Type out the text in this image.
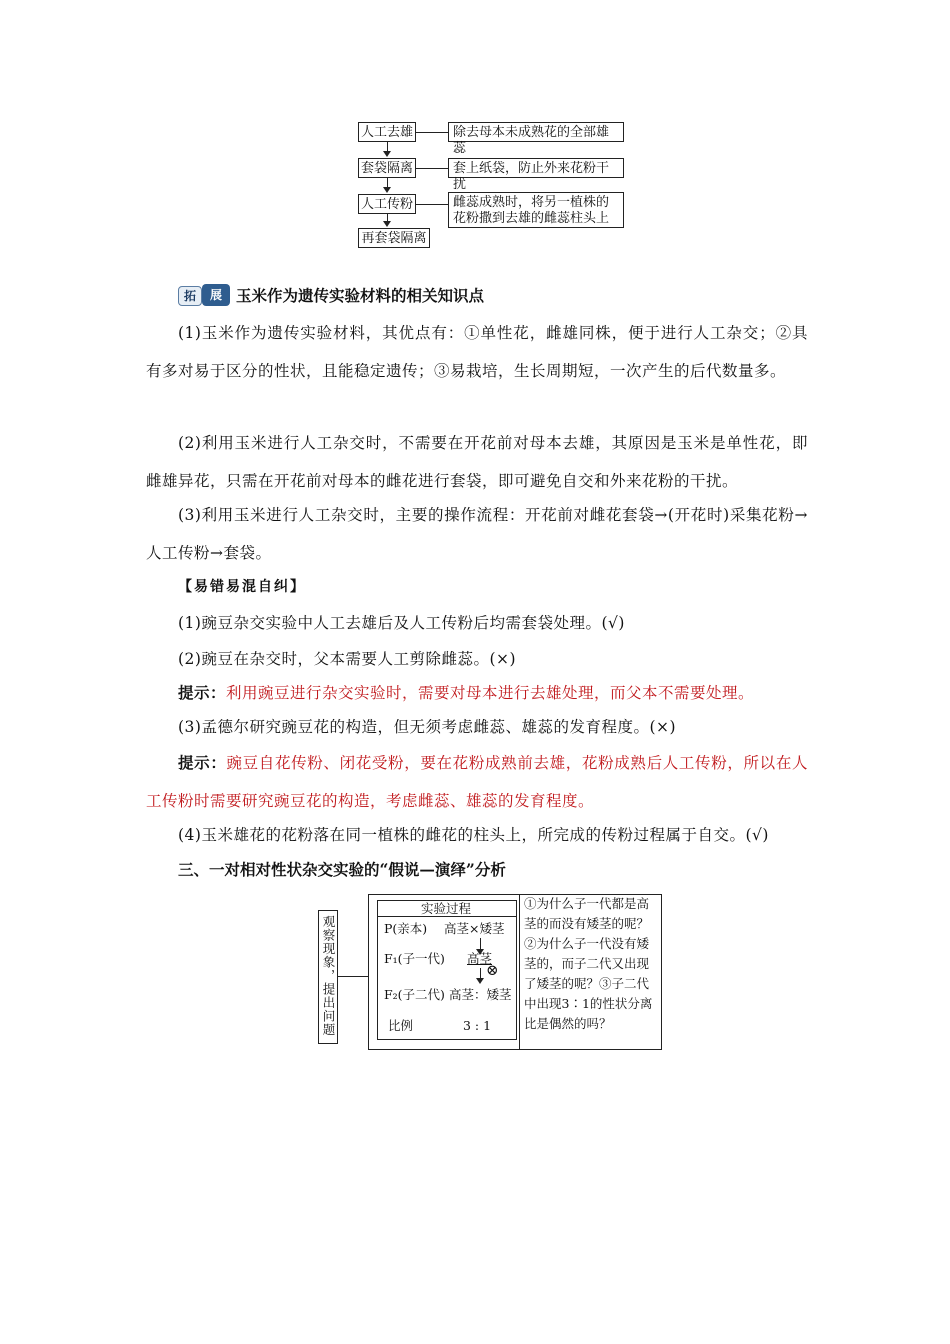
人工去雄
套袋隔离
人工传粉
再套袋隔离
除去母本未成熟花的全部雄蕊
套上纸袋，防止外来花粉干扰
雌蕊成熟时，将另一植株的花粉撒到去雄的雌蕊柱头上
拓	展 玉米作为遗传实验材料的相关知识点
(1)玉米作为遗传实验材料，其优点有：①单性花，雌雄同株，便于进行人工杂交；②具有多对易于区分的性状，且能稳定遗传；③易栽培，生长周期短，一次产生的后代数量多。
(2)利用玉米进行人工杂交时，不需要在开花前对母本去雄，其原因是玉米是单性花，即雌雄异花，只需在开花前对母本的雌花进行套袋，即可避免自交和外来花粉的干扰。
(3)利用玉米进行人工杂交时，主要的操作流程：开花前对雌花套袋→(开花时)采集花粉→人工传粉→套袋。
【易错易混自纠】
(1)豌豆杂交实验中人工去雄后及人工传粉后均需套袋处理。(√)
(2)豌豆在杂交时，父本需要人工剪除雌蕊。(×)
提示：利用豌豆进行杂交实验时，需要对母本进行去雄处理，而父本不需要处理。
(3)孟德尔研究豌豆花的构造，但无须考虑雌蕊、雄蕊的发育程度。(×)
提示：豌豆自花传粉、闭花受粉，要在花粉成熟前去雄，花粉成熟后人工传粉，所以在人工传粉时需要研究豌豆花的构造，考虑雌蕊、雄蕊的发育程度。
(4)玉米雄花的花粉落在同一植株的雌花的柱头上，所完成的传粉过程属于自交。(√)
三、一对相对性状杂交实验的“假说—演绎”分析
观察现象，提出问题
实验过程
P(亲本) 高茎×矮茎
F₁(子一代) 高茎
⊗
F₂(子二代) 高茎：矮茎
比例	3 : 1
①为什么子一代都是高茎的而没有矮茎的呢？②为什么子一代没有矮茎的，而子二代又出现了矮茎的呢？③子二代中出现3∶1的性状分离比是偶然的吗？
